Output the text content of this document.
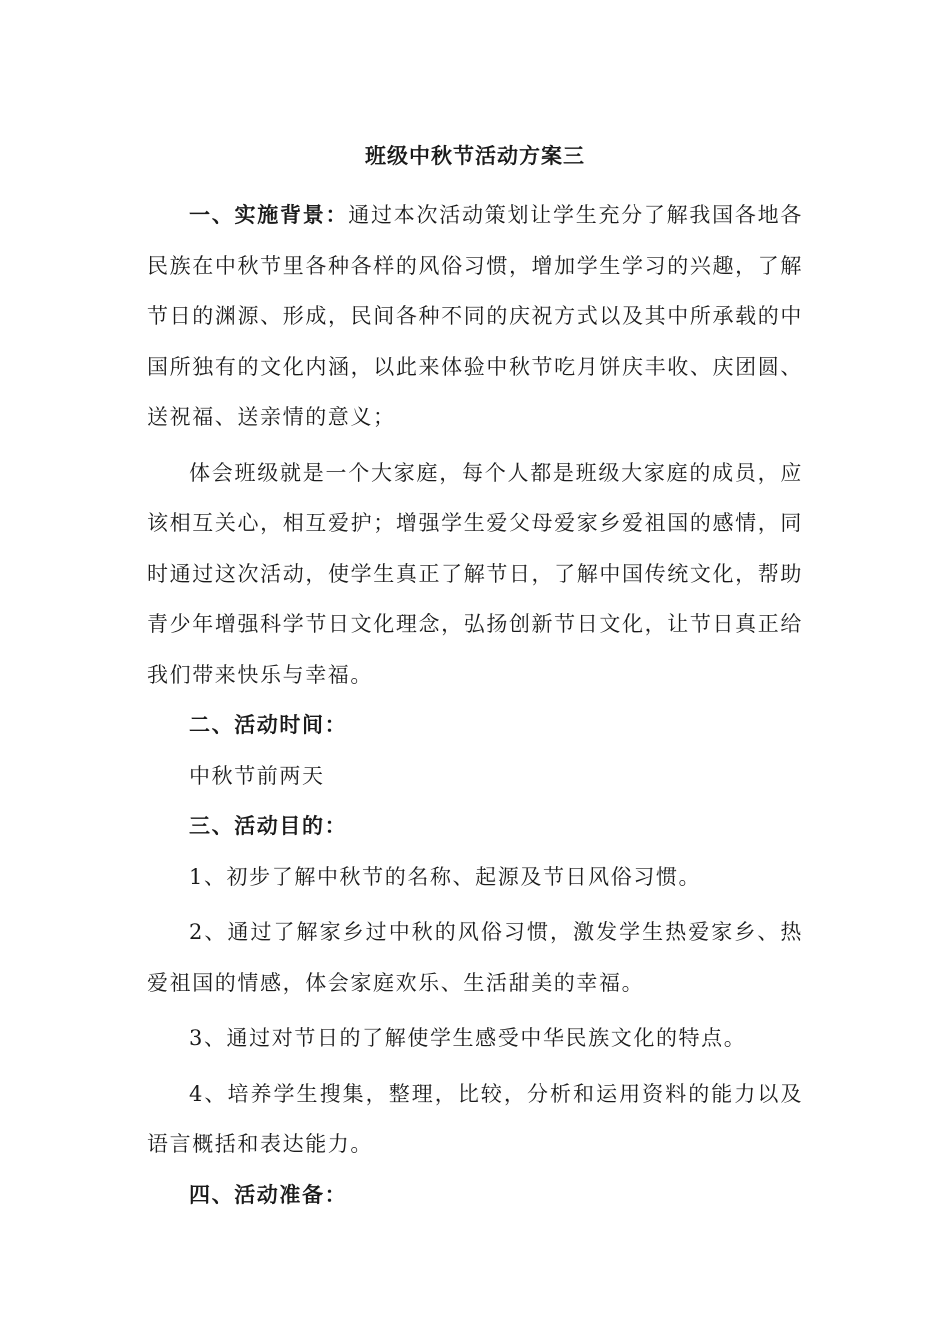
班级中秋节活动方案三

一、实施背景：通过本次活动策划让学生充分了解我国各地各民族在中秋节里各种各样的风俗习惯，增加学生学习的兴趣，了解节日的渊源、形成，民间各种不同的庆祝方式以及其中所承载的中国所独有的文化内涵，以此来体验中秋节吃月饼庆丰收、庆团圆、送祝福、送亲情的意义；

体会班级就是一个大家庭，每个人都是班级大家庭的成员，应该相互关心，相互爱护；增强学生爱父母爱家乡爱祖国的感情，同时通过这次活动，使学生真正了解节日，了解中国传统文化，帮助青少年增强科学节日文化理念，弘扬创新节日文化，让节日真正给我们带来快乐与幸福。

二、活动时间：

中秋节前两天

三、活动目的：

1、初步了解中秋节的名称、起源及节日风俗习惯。

2、通过了解家乡过中秋的风俗习惯，激发学生热爱家乡、热爱祖国的情感，体会家庭欢乐、生活甜美的幸福。

3、通过对节日的了解使学生感受中华民族文化的特点。

4、培养学生搜集，整理，比较，分析和运用资料的能力以及语言概括和表达能力。

四、活动准备：
